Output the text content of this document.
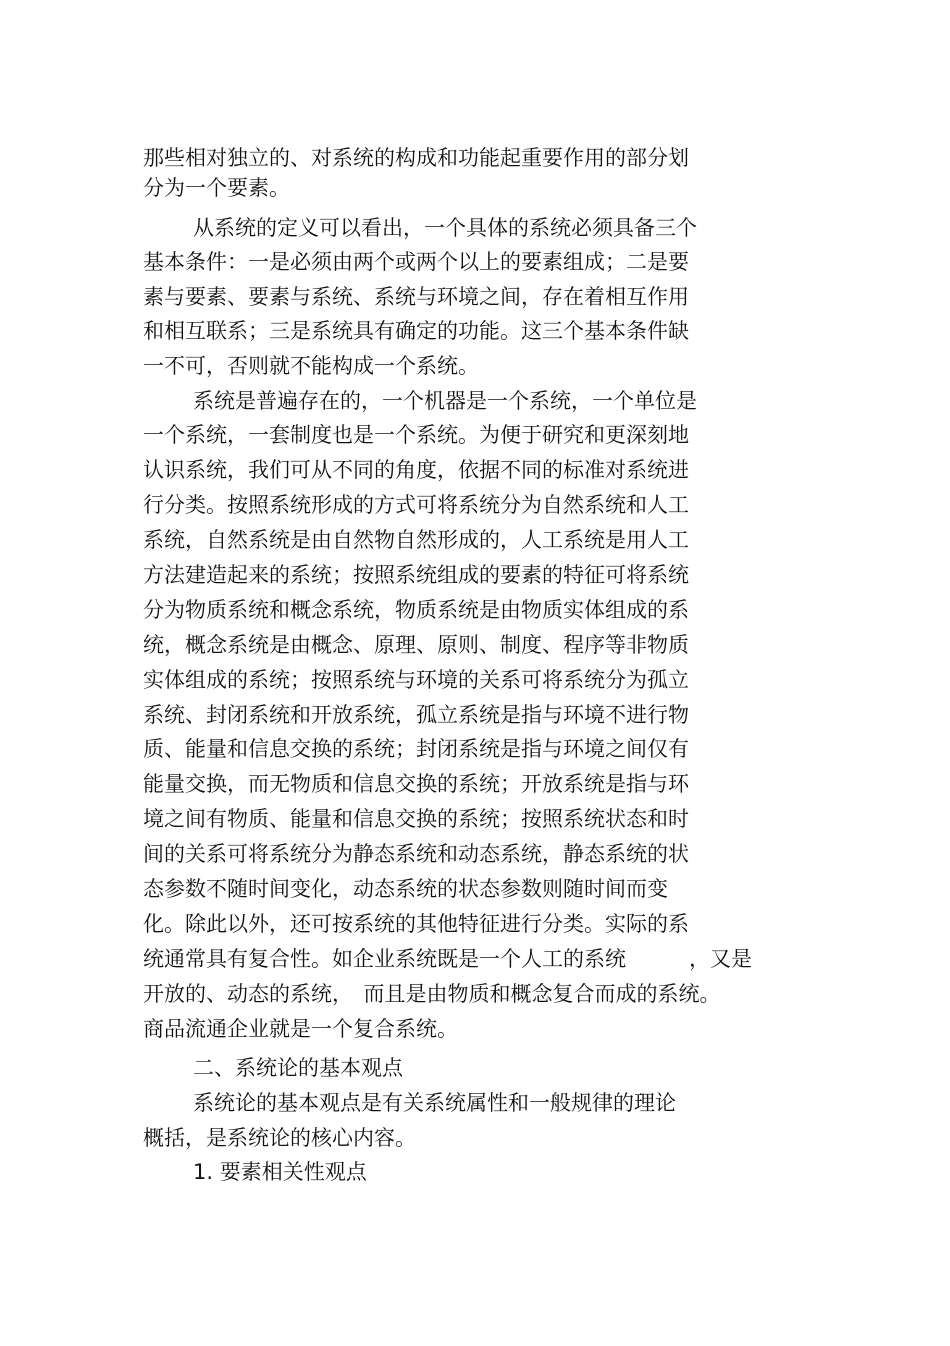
那些相对独立的、对系统的构成和功能起重要作用的部分划
分为一个要素。
从系统的定义可以看出，一个具体的系统必须具备三个
基本条件：一是必须由两个或两个以上的要素组成；二是要
素与要素、要素与系统、系统与环境之间，存在着相互作用
和相互联系；三是系统具有确定的功能。这三个基本条件缺
一不可，否则就不能构成一个系统。
系统是普遍存在的，一个机器是一个系统，一个单位是
一个系统，一套制度也是一个系统。为便于研究和更深刻地
认识系统，我们可从不同的角度，依据不同的标准对系统进
行分类。按照系统形成的方式可将系统分为自然系统和人工
系统，自然系统是由自然物自然形成的，人工系统是用人工
方法建造起来的系统；按照系统组成的要素的特征可将系统
分为物质系统和概念系统，物质系统是由物质实体组成的系
统，概念系统是由概念、原理、原则、制度、程序等非物质
实体组成的系统；按照系统与环境的关系可将系统分为孤立
系统、封闭系统和开放系统，孤立系统是指与环境不进行物
质、能量和信息交换的系统；封闭系统是指与环境之间仅有
能量交换，而无物质和信息交换的系统；开放系统是指与环
境之间有物质、能量和信息交换的系统；按照系统状态和时
间的关系可将系统分为静态系统和动态系统，静态系统的状
态参数不随时间变化，动态系统的状态参数则随时间而变
化。除此以外，还可按系统的其他特征进行分类。实际的系
统通常具有复合性。如企业系统既是一个人工的系统　　　，又是
开放的、动态的系统，　而且是由物质和概念复合而成的系统。
商品流通企业就是一个复合系统。
二、系统论的基本观点
系统论的基本观点是有关系统属性和一般规律的理论
概括，是系统论的核心内容。
1. 要素相关性观点
